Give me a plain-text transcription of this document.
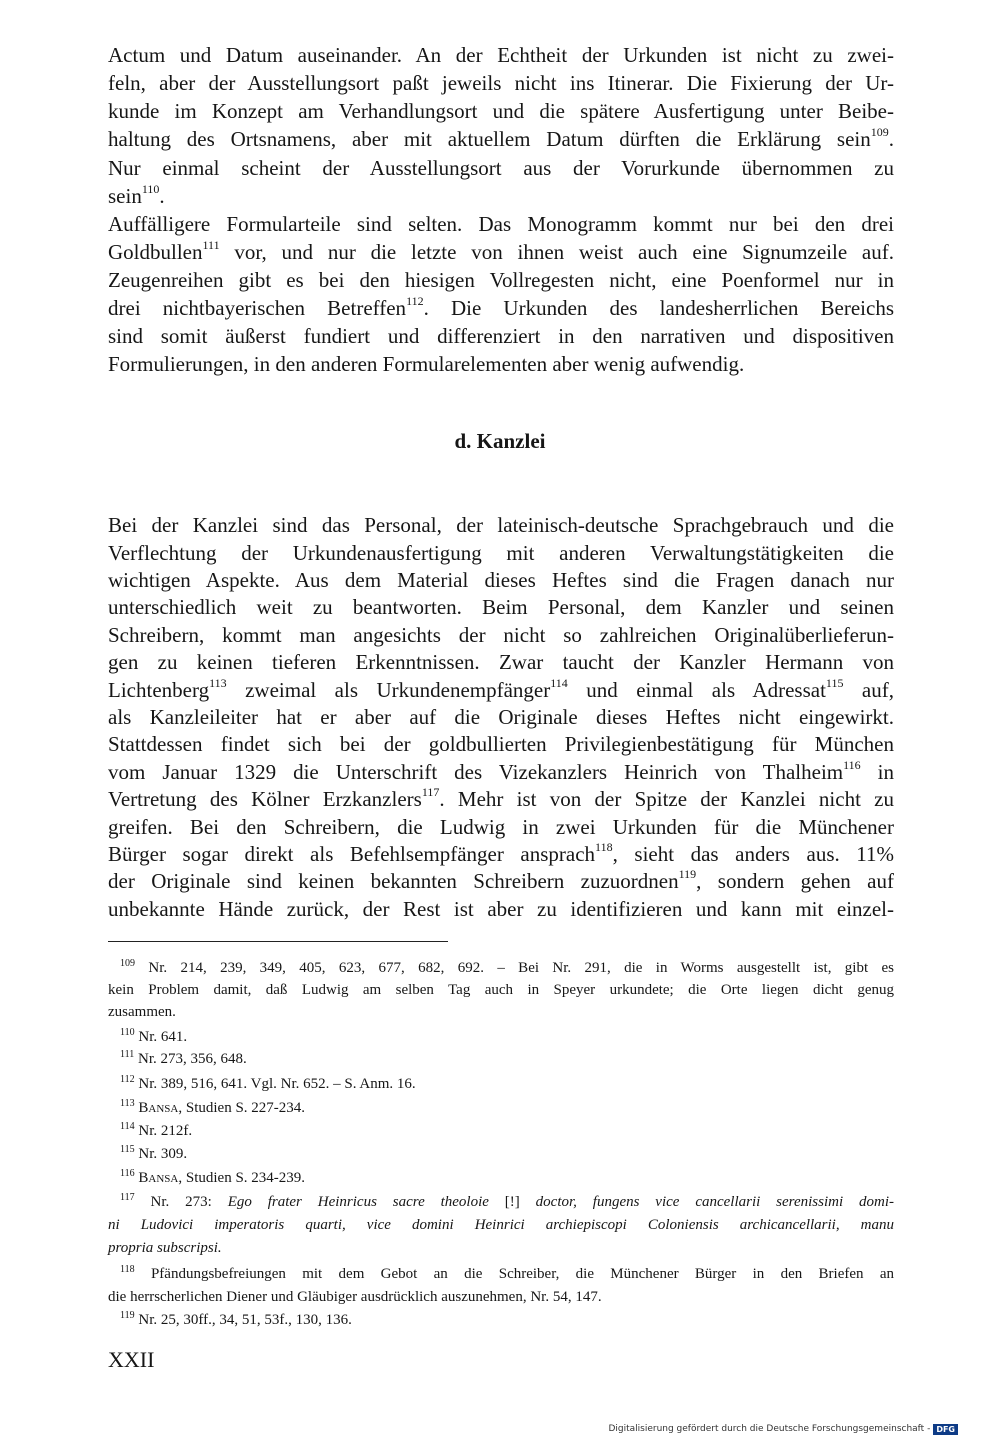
Actum und Datum auseinander. An der Echtheit der Urkunden ist nicht zu zwei-
feln, aber der Ausstellungsort paßt jeweils nicht ins Itinerar. Die Fixierung der Ur-
kunde im Konzept am Verhandlungsort und die spätere Ausfertigung unter Beibe-
haltung des Ortsnamens, aber mit aktuellem Datum dürften die Erklärung sein$^{109}$.
Nur einmal scheint der Ausstellungsort aus der Vorurkunde übernommen zu
sein$^{110}$.
Auffälligere Formularteile sind selten. Das Monogramm kommt nur bei den drei
Goldbullen$^{111}$ vor, und nur die letzte von ihnen weist auch eine Signumzeile auf.
Zeugenreihen gibt es bei den hiesigen Vollregesten nicht, eine Poenformel nur in
drei nichtbayerischen Betreffen$^{112}$. Die Urkunden des landesherrlichen Bereichs
sind somit äußerst fundiert und differenziert in den narrativen und dispositiven
Formulierungen, in den anderen Formularelementen aber wenig aufwendig.
d. Kanzlei
Bei der Kanzlei sind das Personal, der lateinisch-deutsche Sprachgebrauch und die
Verflechtung der Urkundenausfertigung mit anderen Verwaltungstätigkeiten die
wichtigen Aspekte. Aus dem Material dieses Heftes sind die Fragen danach nur
unterschiedlich weit zu beantworten. Beim Personal, dem Kanzler und seinen
Schreibern, kommt man angesichts der nicht so zahlreichen Originalüberlieferun-
gen zu keinen tieferen Erkenntnissen. Zwar taucht der Kanzler Hermann von
Lichtenberg$^{113}$ zweimal als Urkundenempfänger$^{114}$ und einmal als Adressat$^{115}$ auf,
als Kanzleileiter hat er aber auf die Originale dieses Heftes nicht eingewirkt.
Stattdessen findet sich bei der goldbullierten Privilegienbestätigung für München
vom Januar 1329 die Unterschrift des Vizekanzlers Heinrich von Thalheim$^{116}$ in
Vertretung des Kölner Erzkanzlers$^{117}$. Mehr ist von der Spitze der Kanzlei nicht zu
greifen. Bei den Schreibern, die Ludwig in zwei Urkunden für die Münchener
Bürger sogar direkt als Befehlsempfänger ansprach$^{118}$, sieht das anders aus. 11%
der Originale sind keinen bekannten Schreibern zuzuordnen$^{119}$, sondern gehen auf
unbekannte Hände zurück, der Rest ist aber zu identifizieren und kann mit einzel-
$^{109}$ Nr. 214, 239, 349, 405, 623, 677, 682, 692. – Bei Nr. 291, die in Worms ausgestellt ist, gibt es
kein Problem damit, daß Ludwig am selben Tag auch in Speyer urkundete; die Orte liegen dicht genug
zusammen.
$^{110}$ Nr. 641.
$^{111}$ Nr. 273, 356, 648.
$^{112}$ Nr. 389, 516, 641. Vgl. Nr. 652. – S. Anm. 16.
$^{113}$ Bansa, Studien S. 227-234.
$^{114}$ Nr. 212f.
$^{115}$ Nr. 309.
$^{116}$ Bansa, Studien S. 234-239.
$^{117}$ Nr. 273: Ego frater Heinricus sacre theoloie [!] doctor, fungens vice cancellarii serenissimi domi-
ni Ludovici imperatoris quarti, vice domini Heinrici archiepiscopi Coloniensis archicancellarii, manu
propria subscripsi.
$^{118}$ Pfändungsbefreiungen mit dem Gebot an die Schreiber, die Münchener Bürger in den Briefen an
die herrscherlichen Diener und Gläubiger ausdrücklich auszunehmen, Nr. 54, 147.
$^{119}$ Nr. 25, 30ff., 34, 51, 53f., 130, 136.
XXII
Digitalisierung gefördert durch die Deutsche Forschungsgemeinschaft - DFG
